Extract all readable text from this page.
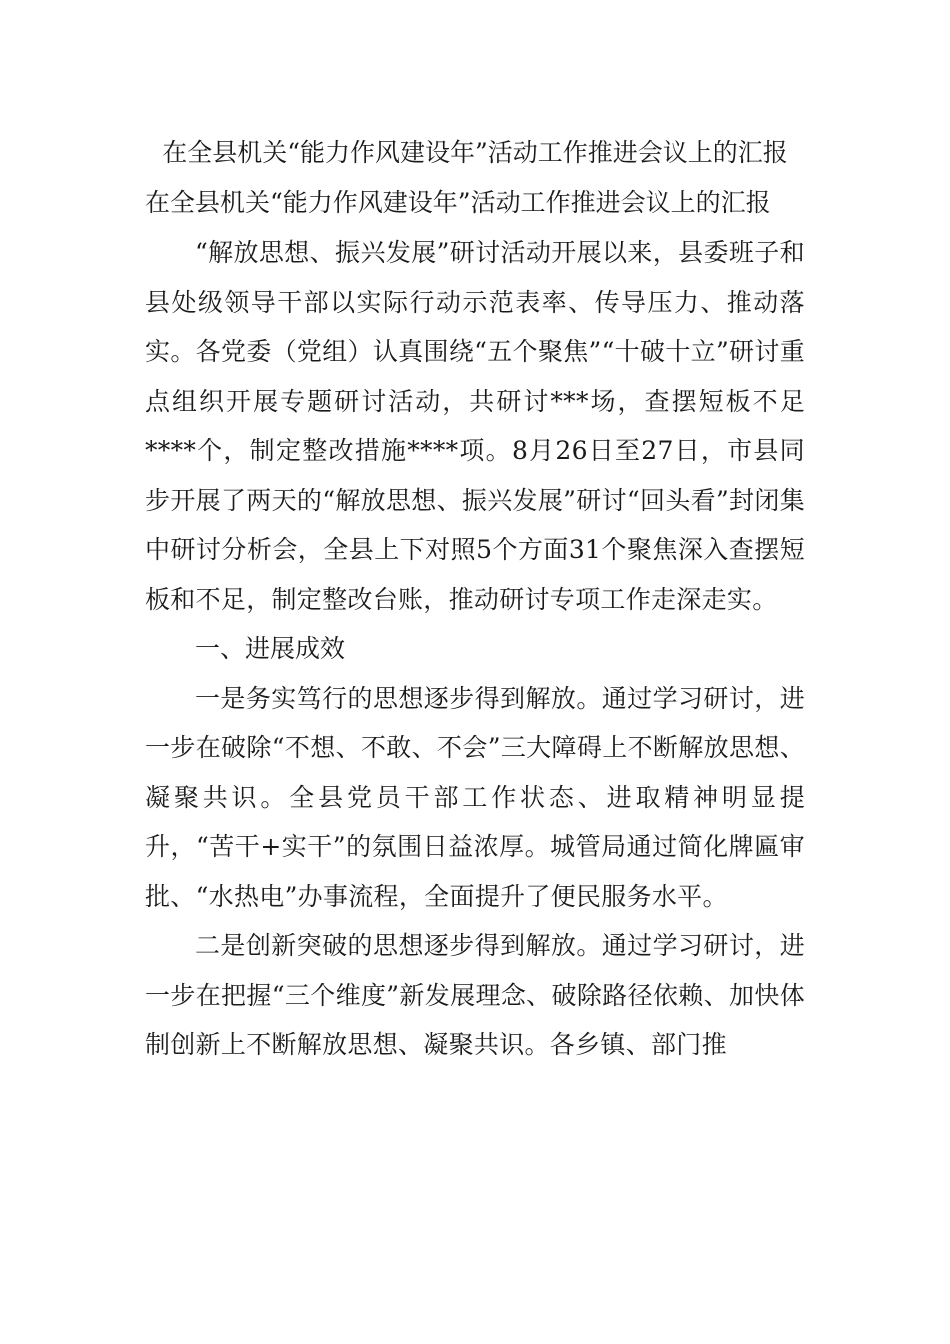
在全县机关“能力作风建设年”活动工作推进会议上的汇报

在全县机关“能力作风建设年”活动工作推进会议上的汇报

“解放思想、振兴发展”研讨活动开展以来，县委班子和县处级领导干部以实际行动示范表率、传导压力、推动落实。各党委（党组）认真围绕“五个聚焦”“十破十立”研讨重点组织开展专题研讨活动，共研讨***场，查摆短板不足****个，制定整改措施****项。8月26日至27日，市县同步开展了两天的“解放思想、振兴发展”研讨“回头看”封闭集中研讨分析会，全县上下对照5个方面31个聚焦深入查摆短板和不足，制定整改台账，推动研讨专项工作走深走实。

一、进展成效

一是务实笃行的思想逐步得到解放。通过学习研讨，进一步在破除“不想、不敢、不会”三大障碍上不断解放思想、凝聚共识。全县党员干部工作状态、进取精神明显提升，“苦干+实干”的氛围日益浓厚。城管局通过简化牌匾审批、“水热电”办事流程，全面提升了便民服务水平。

二是创新突破的思想逐步得到解放。通过学习研讨，进一步在把握“三个维度”新发展理念、破除路径依赖、加快体制创新上不断解放思想、凝聚共识。各乡镇、部门推
